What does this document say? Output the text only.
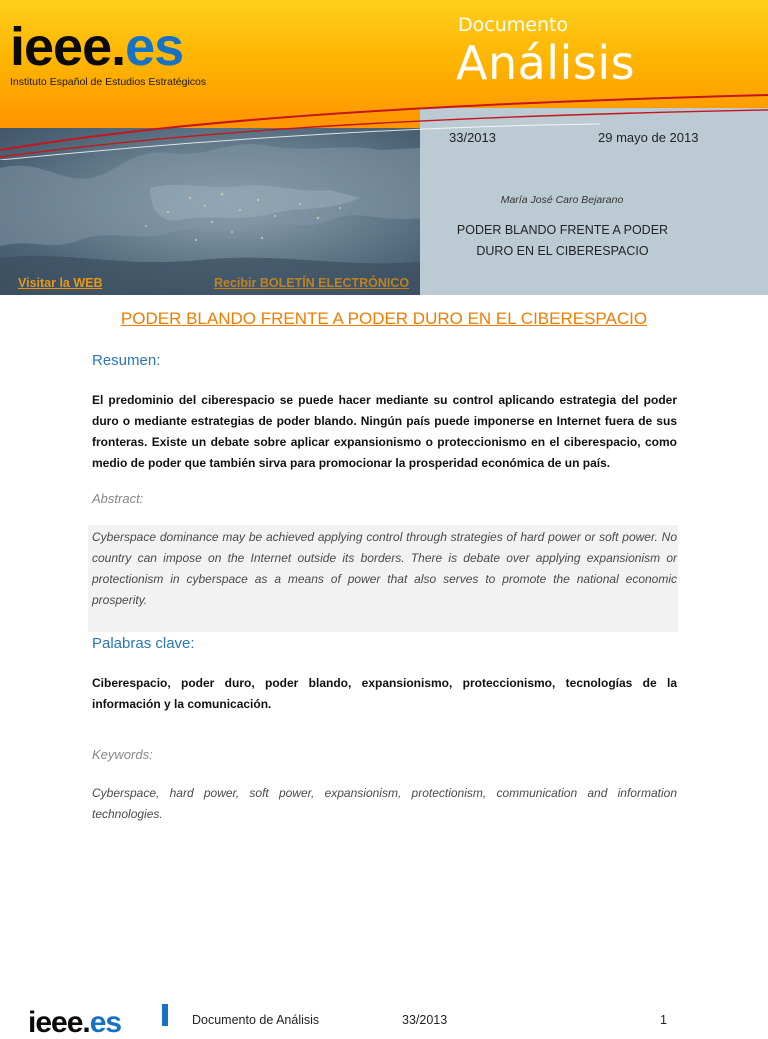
ieee.es
Instituto Español de Estudios Estratégicos
Documento
Análisis
33/2013	29 mayo de 2013
María José Caro Bejarano
PODER BLANDO FRENTE A PODER DURO EN EL CIBERESPACIO
Visitar la WEB	Recibir BOLETÍN ELECTRÓNICO
PODER BLANDO FRENTE A PODER DURO EN EL CIBERESPACIO
Resumen:
El predominio del ciberespacio se puede hacer mediante su control aplicando estrategia del poder duro o mediante estrategias de poder blando. Ningún país puede imponerse en Internet fuera de sus fronteras. Existe un debate sobre aplicar expansionismo o proteccionismo en el ciberespacio, como medio de poder que también sirva para promocionar la prosperidad económica de un país.
Abstract:
Cyberspace dominance may be achieved applying control through strategies of hard power or soft power. No country can impose on the Internet outside its borders. There is debate over applying expansionism or protectionism in cyberspace as a means of power that also serves to promote the national economic prosperity.
Palabras clave:
Ciberespacio, poder duro, poder blando, expansionismo, proteccionismo, tecnologías de la información y la comunicación.
Keywords:
Cyberspace, hard power, soft power, expansionism, protectionism, communication and information technologies.
ieee.es	Documento de Análisis	33/2013	1
